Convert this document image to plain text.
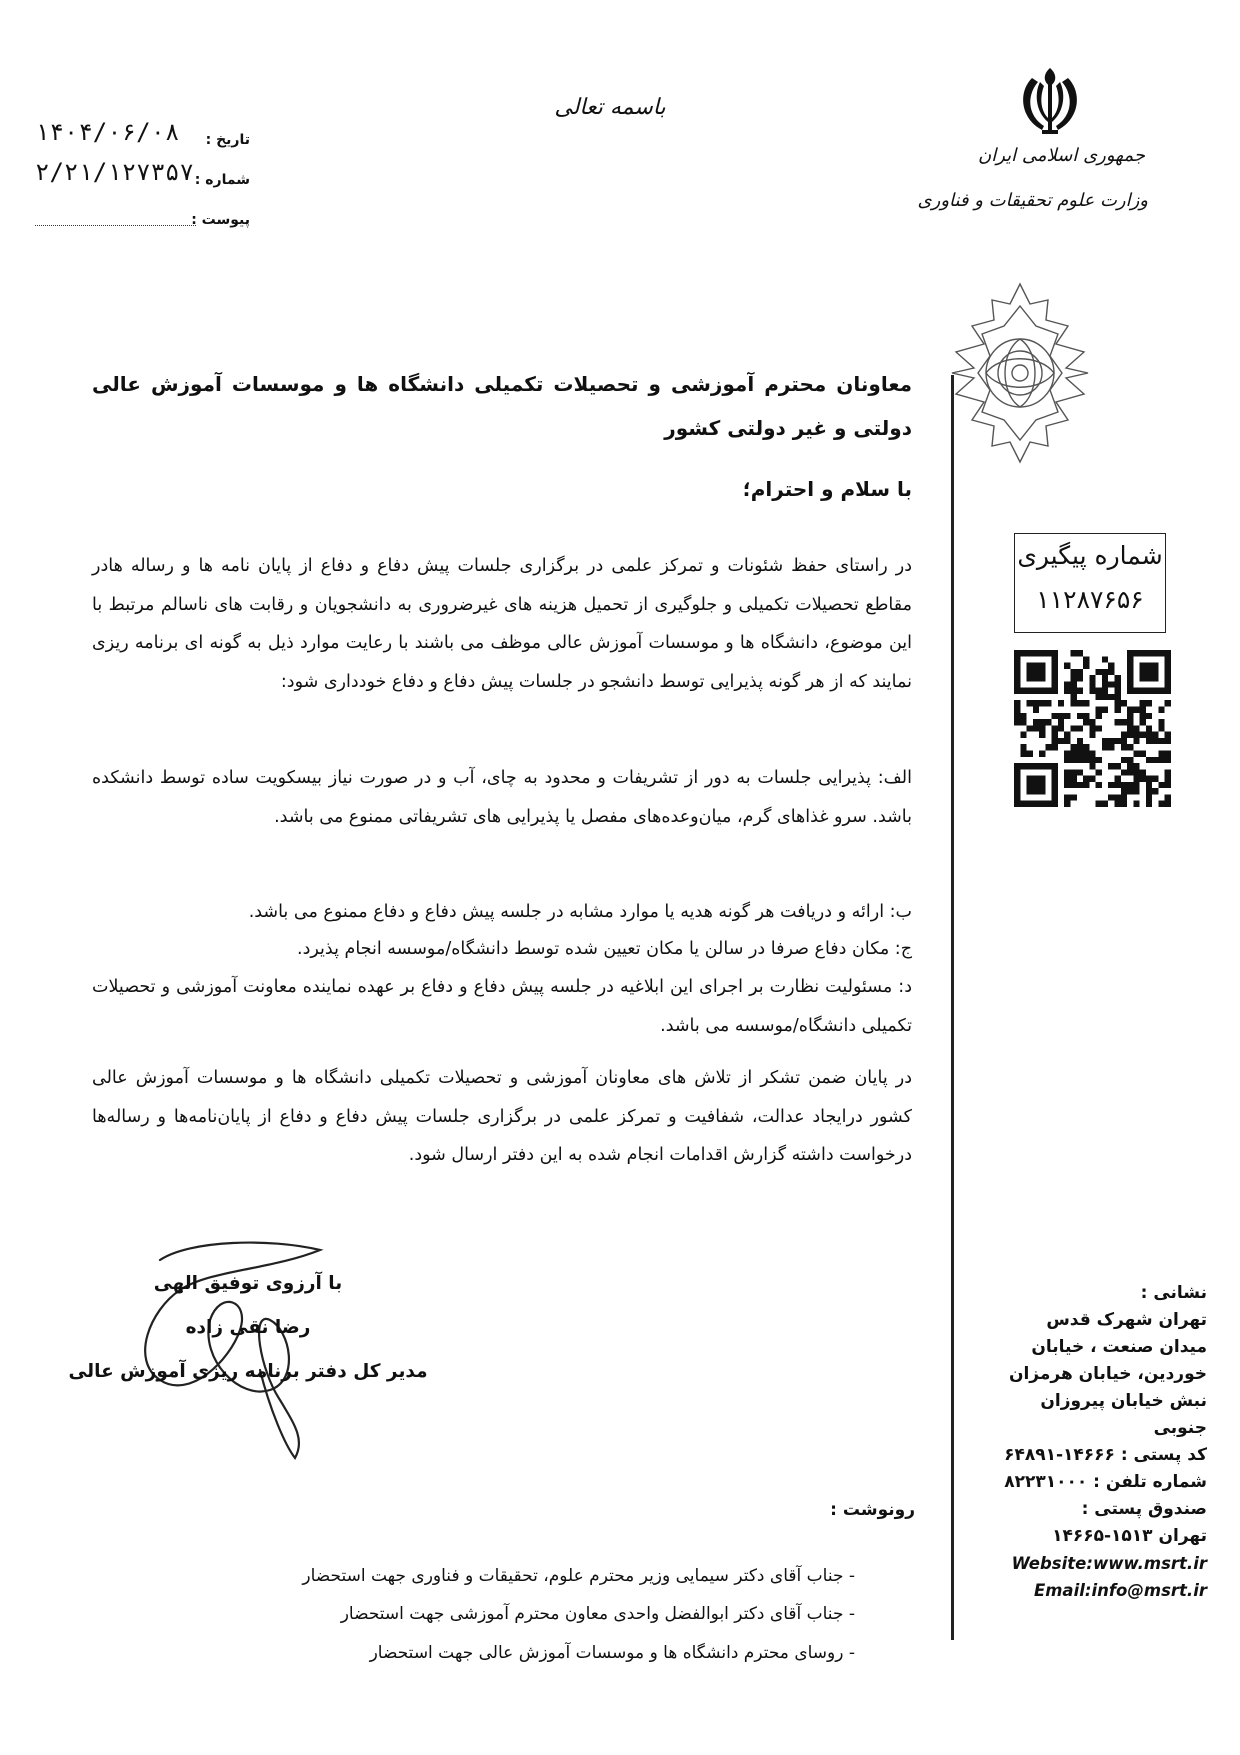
باسمه تعالی
۱۴۰۴/۰۶/۰۸ تاریخ :
۲/۲۱/۱۲۷۳۵۷ شماره :
پیوست :
جمهوری اسلامی ایران
وزارت علوم تحقیقات و فناوری
شماره پیگیری
۱۱۲۸۷۶۵۶
معاونان محترم آموزشی و تحصیلات تکمیلی دانشگاه ها و موسسات آموزش عالی دولتی و غیر دولتی کشور
با سلام و احترام؛
در راستای حفظ شئونات و تمرکز علمی در برگزاری جلسات پیش دفاع و دفاع از پایان نامه ها و رساله هادر مقاطع تحصیلات تکمیلی و جلوگیری از تحمیل هزینه های غیرضروری به دانشجویان و رقابت های ناسالم مرتبط با این موضوع، دانشگاه ها و موسسات آموزش عالی موظف می باشند با رعایت موارد ذیل به گونه ای برنامه ریزی نمایند که از هر گونه پذیرایی توسط دانشجو در جلسات پیش دفاع و دفاع خودداری شود:
الف: پذیرایی جلسات به دور از تشریفات و محدود به چای، آب و در صورت نیاز بیسکویت ساده توسط دانشکده باشد. سرو غذاهای گرم، میان‌وعده‌های مفصل یا پذیرایی های تشریفاتی ممنوع می باشد.
ب: ارائه و دریافت هر گونه هدیه یا موارد مشابه در جلسه پیش دفاع و دفاع ممنوع می باشد.
ج: مکان دفاع صرفا در سالن یا مکان تعیین شده توسط دانشگاه/موسسه انجام پذیرد.
د: مسئولیت نظارت بر اجرای این ابلاغیه در جلسه پیش دفاع و دفاع بر عهده نماینده معاونت آموزشی و تحصیلات تکمیلی دانشگاه/موسسه می باشد.
در پایان ضمن تشکر از تلاش های معاونان آموزشی و تحصیلات تکمیلی دانشگاه ها و موسسات آموزش عالی کشور درایجاد عدالت، شفافیت و تمرکز علمی در برگزاری جلسات پیش دفاع و دفاع از پایان‌نامه‌ها و رساله‌ها درخواست داشته گزارش اقدامات انجام شده به این دفتر ارسال شود.
با آرزوی توفیق الهی
رضا نقی زاده
مدیر کل دفتر برنامه ریزی آموزش عالی
رونوشت :
- جناب آقای دکتر سیمایی وزیر محترم علوم، تحقیقات و فناوری جهت استحضار
- جناب آقای دکتر ابوالفضل واحدی معاون محترم آموزشی جهت استحضار
- روسای محترم دانشگاه ها و موسسات آموزش عالی جهت استحضار
نشانی :
تهران شهرک قدس
میدان صنعت ، خیابان
خوردین، خیابان هرمزان
نبش خیابان پیروزان جنوبی
کد پستی : ۱۴۶۶۶-۶۴۸۹۱
شماره تلفن : ۸۲۲۳۱۰۰۰
صندوق پستی :
تهران ۱۵۱۳-۱۴۶۶۵
Website:www.msrt.ir
Email:info@msrt.ir
